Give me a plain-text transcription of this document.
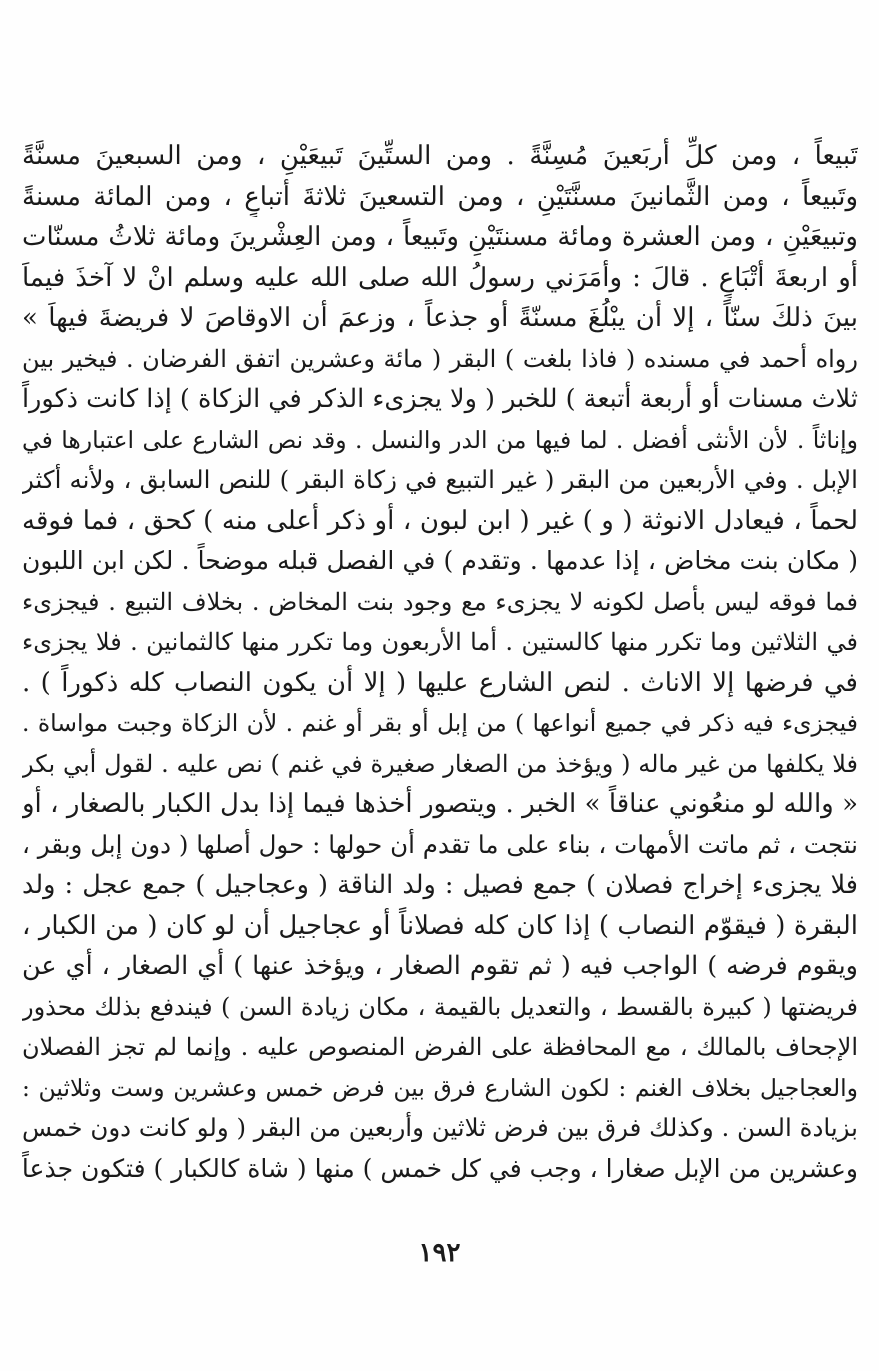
تَبيعاً ، ومن كلِّ أربَعينَ مُسِنَّةً . ومن الستِّينَ تَبيعَيْنِ ، ومن السبعينَ مسنَّةً
وتَبيعاً ، ومن الثَّمانينَ مسنَّتَيْنِ ، ومن التسعينَ ثلاثةَ أتباعٍ ، ومن المائة مسنةً
وتبيعَيْنِ ، ومن العشرة ومائة مسنتَيْنِ وتَبيعاً ، ومن العِشْرينَ ومائة ثلاثُ مسنّات
أو اربعةَ أتْبَاعٍ . قالَ : وأمَرَني رسولُ الله صلى الله عليه وسلم انْ لا آخذَ فيماَ
بينَ ذلكَ سنّاً ، إلا أن يبْلُغَ مسنّةً أو جذعاً ، وزعمَ أن الاوقاصَ لا فريضةَ فيهاَ »
رواه أحمد في مسنده ( فاذا بلغت ) البقر ( مائة وعشرين اتفق الفرضان . فيخير بين
ثلاث مسنات أو أربعة أتبعة ) للخبر ( ولا يجزىء الذكر في الزكاة ) إذا كانت ذكوراً
وإناثاً . لأن الأنثى أفضل . لما فيها من الدر والنسل . وقد نص الشارع على اعتبارها في
الإبل . وفي الأربعين من البقر ( غير التبيع في زكاة البقر ) للنص السابق ، ولأنه أكثر
لحماً ، فيعادل الانوثة ( و ) غير ( ابن لبون ، أو ذكر أعلى منه ) كحق ، فما فوقه
( مكان بنت مخاض ، إذا عدمها . وتقدم ) في الفصل قبله موضحاً . لكن ابن اللبون
فما فوقه ليس بأصل لكونه لا يجزىء مع وجود بنت المخاض . بخلاف التبيع . فيجزىء
في الثلاثين وما تكرر منها كالستين . أما الأربعون وما تكرر منها كالثمانين . فلا يجزىء
في فرضها إلا الاناث . لنص الشارع عليها ( إلا أن يكون النصاب كله ذكوراً ) .
فيجزىء فيه ذكر في جميع أنواعها ) من إبل أو بقر أو غنم . لأن الزكاة وجبت مواساة .
فلا يكلفها من غير ماله ( ويؤخذ من الصغار صغيرة في غنم ) نص عليه . لقول أبي بكر
« والله لو منعُوني عناقاً » الخبر . ويتصور أخذها فيما إذا بدل الكبار بالصغار ، أو
نتجت ، ثم ماتت الأمهات ، بناء على ما تقدم أن حولها : حول أصلها ( دون إبل وبقر ،
فلا يجزىء إخراج فصلان ) جمع فصيل : ولد الناقة ( وعجاجيل ) جمع عجل : ولد
البقرة ( فيقوّم النصاب ) إذا كان كله فصلاناً أو عجاجيل أن لو كان ( من الكبار ،
ويقوم فرضه ) الواجب فيه ( ثم تقوم الصغار ، ويؤخذ عنها ) أي الصغار ، أي عن
فريضتها ( كبيرة بالقسط ، والتعديل بالقيمة ، مكان زيادة السن ) فيندفع بذلك محذور
الإجحاف بالمالك ، مع المحافظة على الفرض المنصوص عليه . وإنما لم تجز الفصلان
والعجاجيل بخلاف الغنم : لكون الشارع فرق بين فرض خمس وعشرين وست وثلاثين :
بزيادة السن . وكذلك فرق بين فرض ثلاثين وأربعين من البقر ( ولو كانت دون خمس
وعشرين من الإبل صغارا ، وجب في كل خمس ) منها ( شاة كالكبار ) فتكون جذعاً
١٩٢
